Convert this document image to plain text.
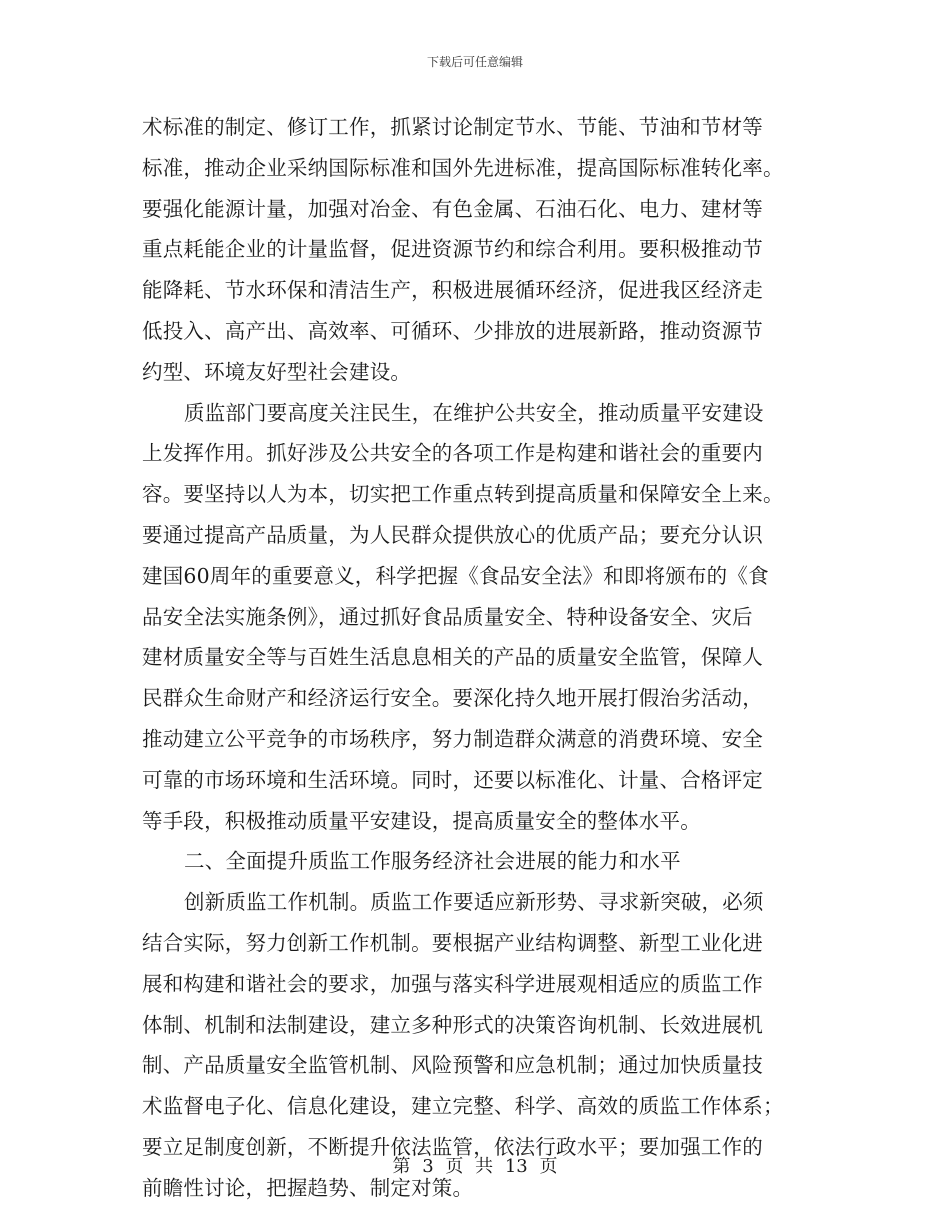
下载后可任意编辑
术标准的制定、修订工作，抓紧讨论制定节水、节能、节油和节材等
标准，推动企业采纳国际标准和国外先进标准，提高国际标准转化率。
要强化能源计量，加强对冶金、有色金属、石油石化、电力、建材等
重点耗能企业的计量监督，促进资源节约和综合利用。要积极推动节
能降耗、节水环保和清洁生产，积极进展循环经济，促进我区经济走
低投入、高产出、高效率、可循环、少排放的进展新路，推动资源节
约型、环境友好型社会建设。
质监部门要高度关注民生，在维护公共安全，推动质量平安建设
上发挥作用。抓好涉及公共安全的各项工作是构建和谐社会的重要内
容。要坚持以人为本，切实把工作重点转到提高质量和保障安全上来。
要通过提高产品质量，为人民群众提供放心的优质产品；要充分认识
建国60周年的重要意义，科学把握《食品安全法》和即将颁布的《食
品安全法实施条例》，通过抓好食品质量安全、特种设备安全、灾后
建材质量安全等与百姓生活息息相关的产品的质量安全监管，保障人
民群众生命财产和经济运行安全。要深化持久地开展打假治劣活动，
推动建立公平竞争的市场秩序，努力制造群众满意的消费环境、安全
可靠的市场环境和生活环境。同时，还要以标准化、计量、合格评定
等手段，积极推动质量平安建设，提高质量安全的整体水平。
二、全面提升质监工作服务经济社会进展的能力和水平
创新质监工作机制。质监工作要适应新形势、寻求新突破，必须
结合实际，努力创新工作机制。要根据产业结构调整、新型工业化进
展和构建和谐社会的要求，加强与落实科学进展观相适应的质监工作
体制、机制和法制建设，建立多种形式的决策咨询机制、长效进展机
制、产品质量安全监管机制、风险预警和应急机制；通过加快质量技
术监督电子化、信息化建设，建立完整、科学、高效的质监工作体系；
要立足制度创新，不断提升依法监管，依法行政水平；要加强工作的
前瞻性讨论，把握趋势、制定对策。
第 3 页 共 13 页
